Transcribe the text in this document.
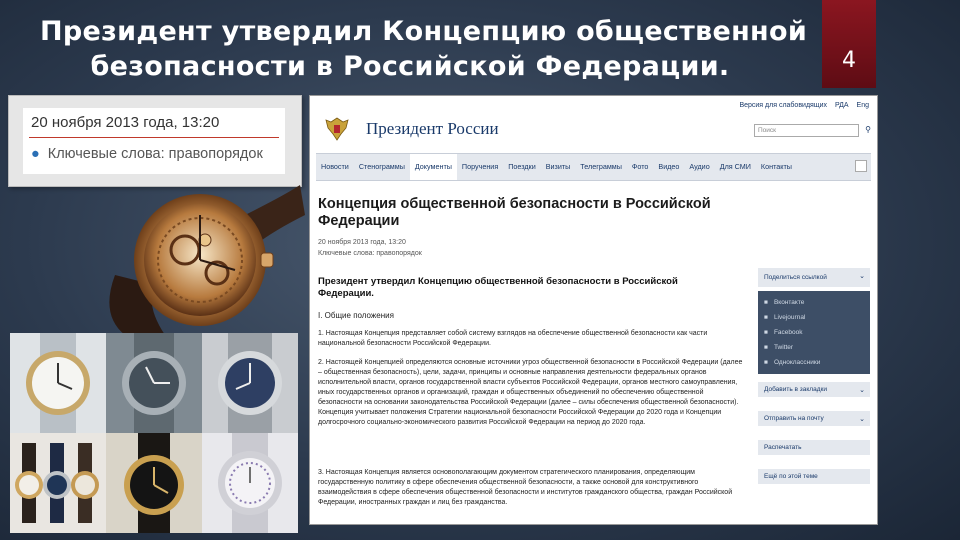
Президент утвердил Концепцию общественной
безопасности в Российской Федерации.	4
20 ноября 2013 года, 13:20
● Ключевые слова: правопорядок
Версия для слабовидящих РДА Eng
Президент России	Поиск	⚲
Новости	Стенограммы	Документы	Поручения	Поездки	Визиты	Телеграммы	Фото	Видео	Аудио	Для СМИ	Контакты
Концепция общественной безопасности в Российской Федерации
20 ноября 2013 года, 13:20
Ключевые слова: правопорядок
Президент утвердил Концепцию общественной безопасности в Российской Федерации.
I. Общие положения
1. Настоящая Концепция представляет собой систему взглядов на обеспечение общественной безопасности как части национальной безопасности Российской Федерации.
2. Настоящей Концепцией определяются основные источники угроз общественной безопасности в Российской Федерации (далее – общественная безопасность), цели, задачи, принципы и основные направления деятельности федеральных органов исполнительной власти, органов государственной власти субъектов Российской Федерации, органов местного самоуправления, иных государственных органов и организаций, граждан и общественных объединений по обеспечению общественной безопасности на основании законодательства Российской Федерации (далее – силы обеспечения общественной безопасности). Концепция учитывает положения Стратегии национальной безопасности Российской Федерации до 2020 года и Концепции долгосрочного социально-экономического развития Российской Федерации на период до 2020 года.
3. Настоящая Концепция является основополагающим документом стратегического планирования, определяющим государственную политику в сфере обеспечения общественной безопасности, а также основой для конструктивного взаимодействия в сфере обеспечения общественной безопасности и институтов гражданского общества, граждан Российской Федерации, иностранных граждан и лиц без гражданства.
Поделиться ссылкой	⌄
■ Вконтакте
■ Livejournal
■ Facebook
■ Twitter
■ Одноклассники
Добавить в закладки	⌄
Отправить на почту	⌄
Распечатать
Ещё по этой теме
